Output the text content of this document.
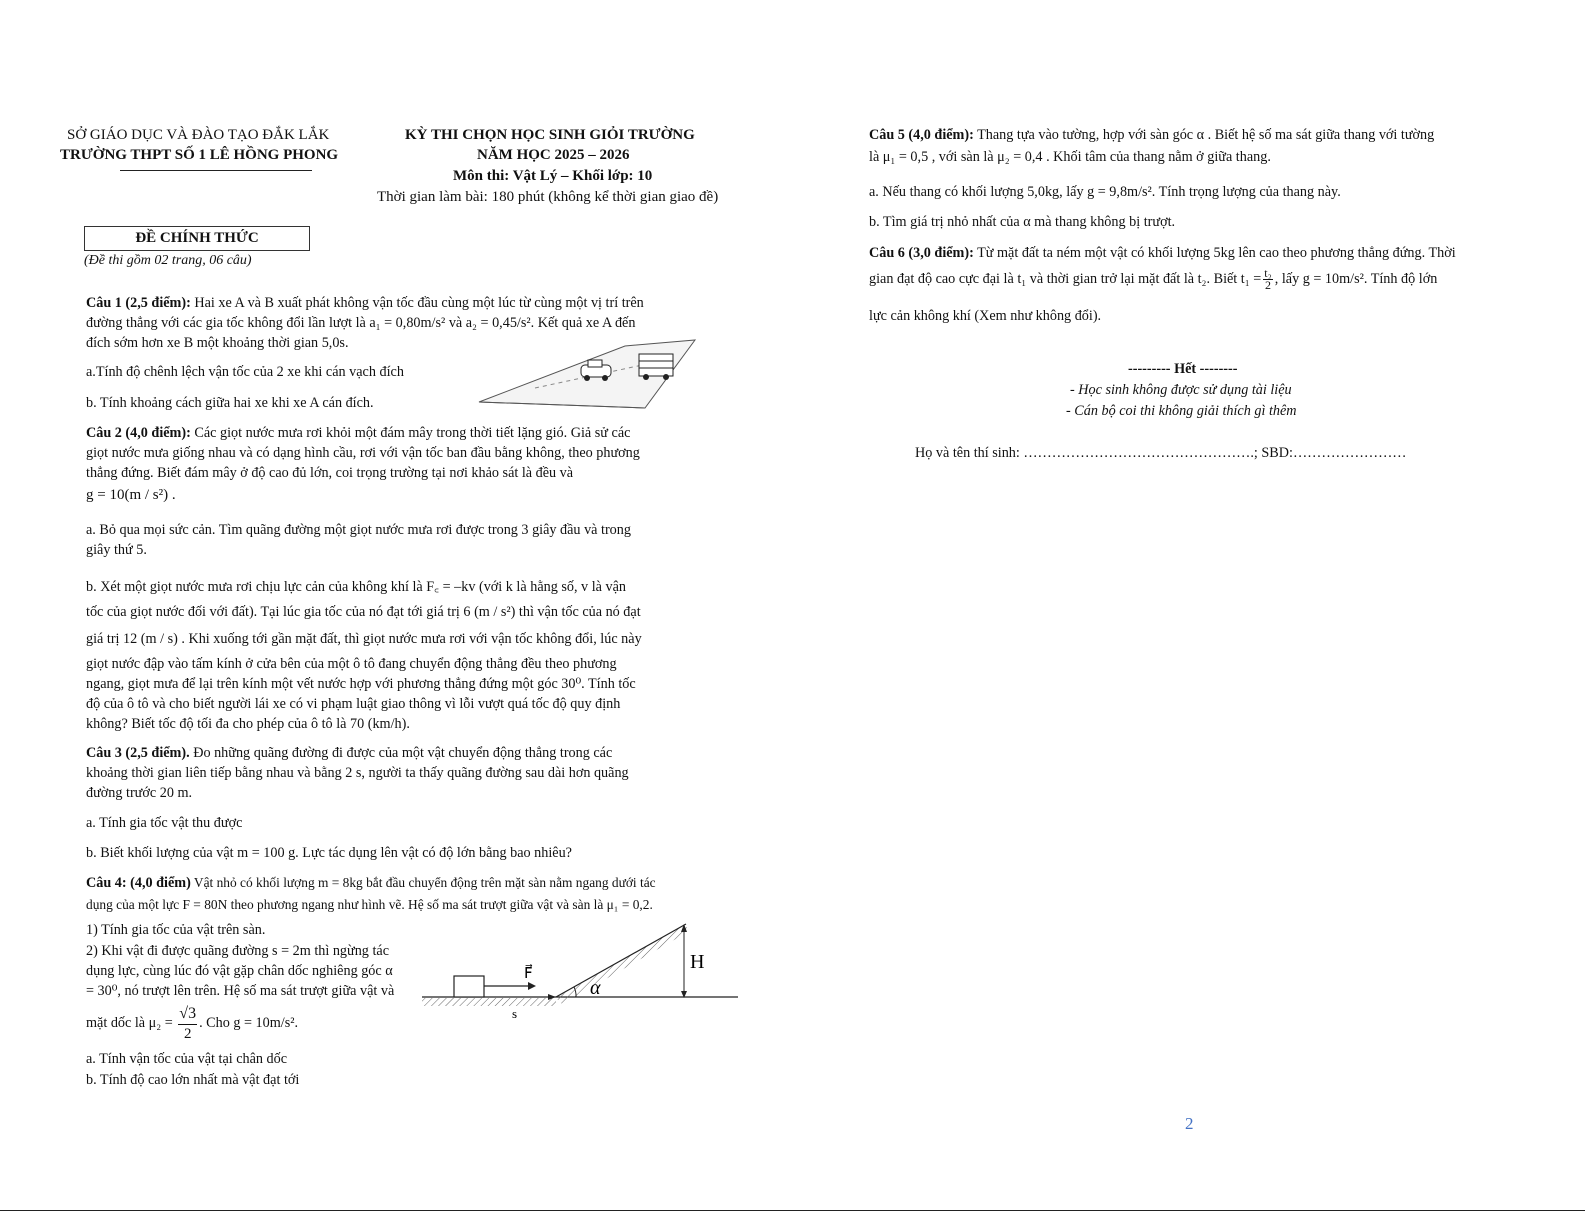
SỞ GIÁO DỤC VÀ ĐÀO TẠO ĐẮK LẮK
TRƯỜNG THPT SỐ 1 LÊ HỒNG PHONG
KỲ THI CHỌN HỌC SINH GIỎI TRƯỜNG
NĂM HỌC 2025 – 2026
Môn thi: Vật Lý – Khối lớp: 10
Thời gian làm bài: 180 phút (không kể thời gian giao đề)
ĐỀ CHÍNH THỨC
(Đề thi gồm 02 trang, 06 câu)
Câu 1 (2,5 điểm): Hai xe A và B xuất phát không vận tốc đầu cùng một lúc từ cùng một vị trí trên
đường thẳng với các gia tốc không đổi lần lượt là a₁ = 0,80m/s² và a₂ = 0,45/s². Kết quả xe A đến
đích sớm hơn xe B một khoảng thời gian 5,0s.
a.Tính độ chênh lệch vận tốc của 2 xe khi cán vạch đích
b. Tính khoảng cách giữa hai xe khi xe A cán đích.
Câu 2 (4,0 điểm): Các giọt nước mưa rơi khỏi một đám mây trong thời tiết lặng gió. Giả sử các
giọt nước mưa giống nhau và có dạng hình cầu, rơi với vận tốc ban đầu bằng không, theo phương
thẳng đứng. Biết đám mây ở độ cao đủ lớn, coi trọng trường tại nơi khảo sát là đều và
g = 10(m / s²) .
a. Bỏ qua mọi sức cản. Tìm quãng đường một giọt nước mưa rơi được trong 3 giây đầu và trong
giây thứ 5.
b. Xét một giọt nước mưa rơi chịu lực cản của không khí là F꜀ = –kv (với k là hằng số, v là vận
tốc của giọt nước đối với đất). Tại lúc gia tốc của nó đạt tới giá trị 6 (m / s²) thì vận tốc của nó đạt
giá trị 12 (m / s) . Khi xuống tới gần mặt đất, thì giọt nước mưa rơi với vận tốc không đổi, lúc này
giọt nước đập vào tấm kính ở cửa bên của một ô tô đang chuyển động thẳng đều theo phương
ngang, giọt mưa để lại trên kính một vết nước hợp với phương thẳng đứng một góc 30⁰. Tính tốc
độ của ô tô và cho biết người lái xe có vi phạm luật giao thông vì lỗi vượt quá tốc độ quy định
không? Biết tốc độ tối đa cho phép của ô tô là 70 (km/h).
Câu 3 (2,5 điểm). Đo những quãng đường đi được của một vật chuyển động thẳng trong các
khoảng thời gian liên tiếp bằng nhau và bằng 2 s, người ta thấy quãng đường sau dài hơn quãng
đường trước 20 m.
a. Tính gia tốc vật thu được
b. Biết khối lượng của vật m = 100 g. Lực tác dụng lên vật có độ lớn bằng bao nhiêu?
Câu 4: (4,0 điểm) Vật nhỏ có khối lượng m = 8kg bắt đầu chuyển động trên mặt sàn nằm ngang dưới tác
dụng của một lực F = 80N theo phương ngang như hình vẽ. Hệ số ma sát trượt giữa vật và sàn là μ₁ = 0,2.
1) Tính gia tốc của vật trên sàn.
2) Khi vật đi được quãng đường s = 2m thì ngừng tác
dụng lực, cùng lúc đó vật gặp chân dốc nghiêng góc α
= 30⁰, nó trượt lên trên. Hệ số ma sát trượt giữa vật và
mặt dốc là $\mu_2 = \frac{√3}{2}$ . Cho g = 10m/s².
a. Tính vận tốc của vật tại chân dốc
b. Tính độ cao lớn nhất mà vật đạt tới
F⃗
s
α
H
Câu 5 (4,0 điểm): Thang tựa vào tường, hợp với sàn góc α . Biết hệ số ma sát giữa thang với tường
là μ₁ = 0,5 , với sàn là μ₂ = 0,4 . Khối tâm của thang nằm ở giữa thang.
a. Nếu thang có khối lượng 5,0kg, lấy g = 9,8m/s². Tính trọng lượng của thang này.
b. Tìm giá trị nhỏ nhất của α mà thang không bị trượt.
Câu 6 (3,0 điểm): Từ mặt đất ta ném một vật có khối lượng 5kg lên cao theo phương thẳng đứng. Thời
gian đạt độ cao cực đại là t₁ và thời gian trở lại mặt đất là t₂. Biết $t_1 = \frac{\text{t₂}}{2}$ , lấy g = 10m/s². Tính độ lớn
lực cản không khí (Xem như không đổi).
--------- Hết --------
- Học sinh không được sử dụng tài liệu
- Cán bộ coi thi không giải thích gì thêm
Họ và tên thí sinh: ………………………………………….; SBD:……………………
2
